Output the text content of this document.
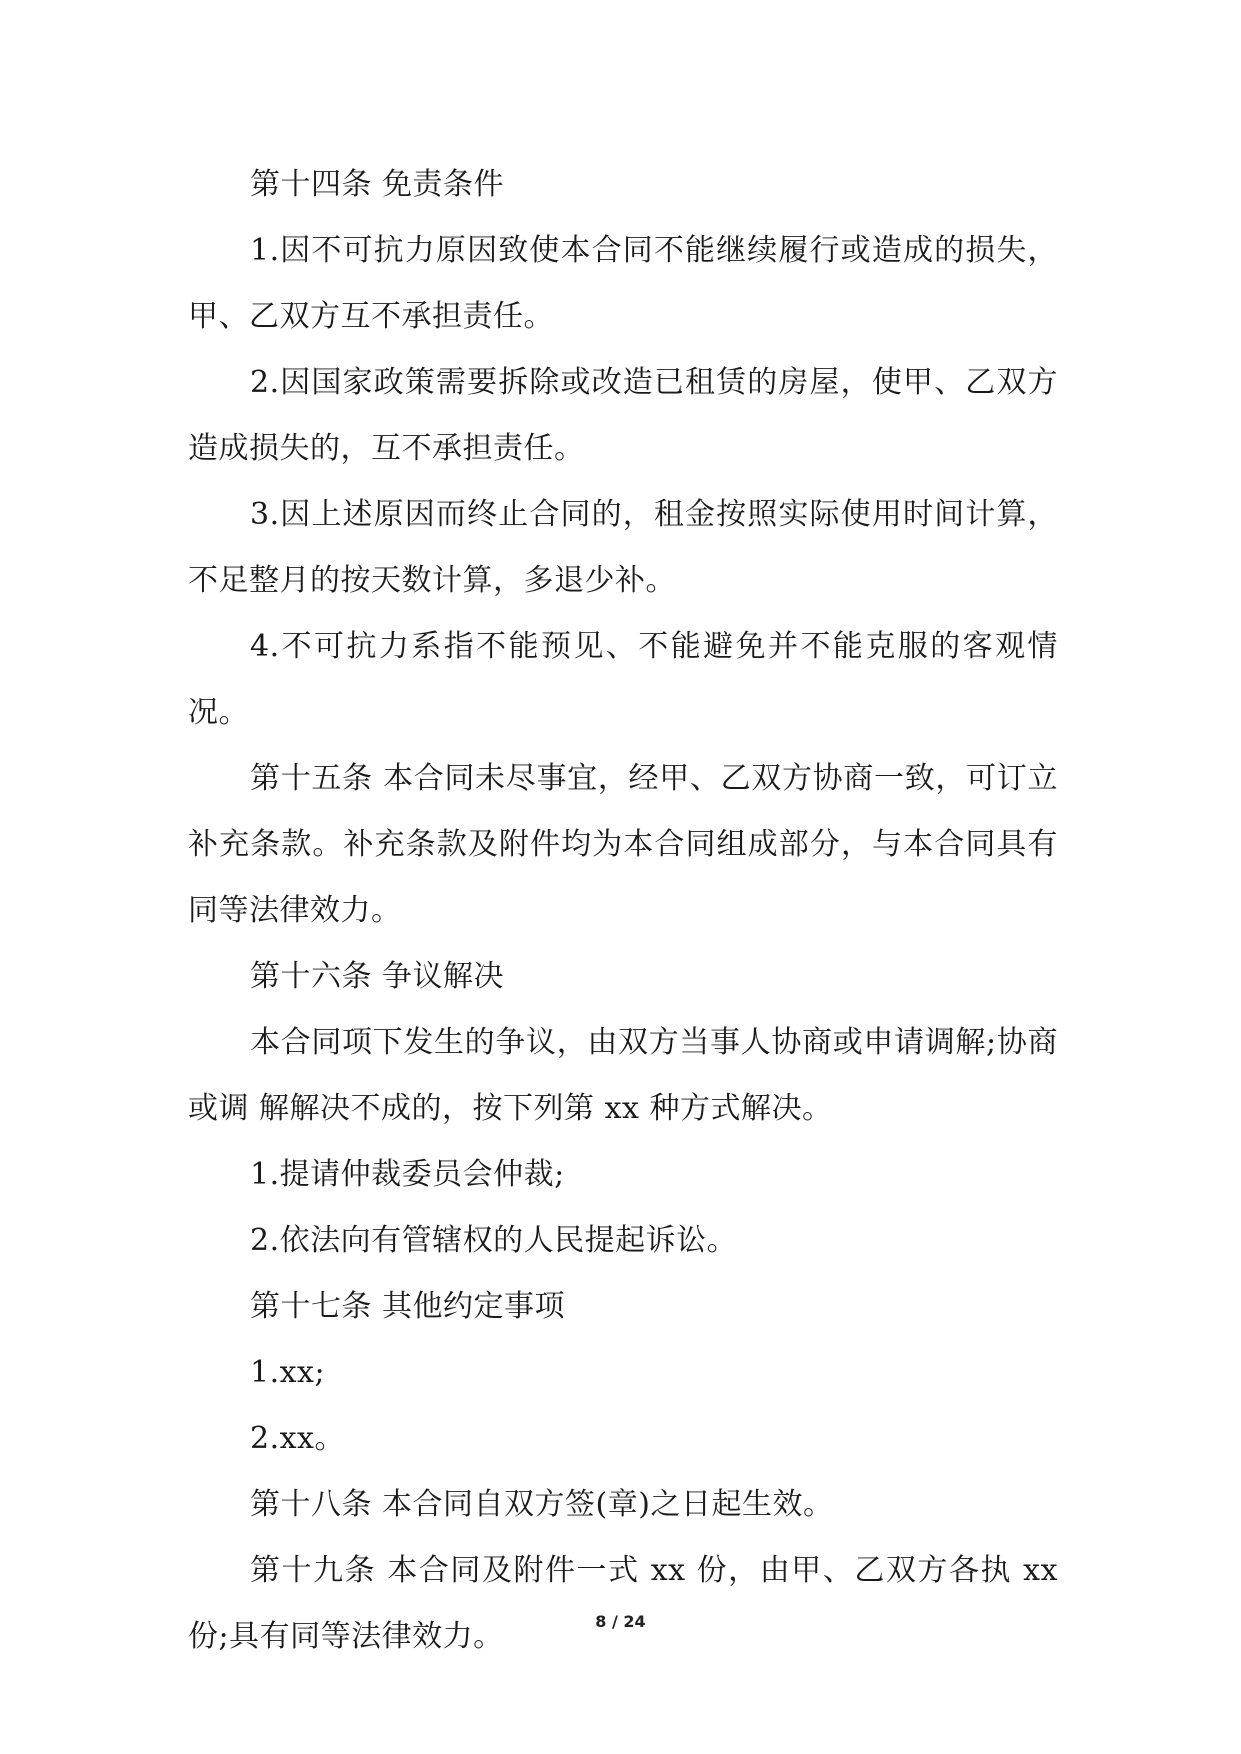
第十四条 免责条件

1.因不可抗力原因致使本合同不能继续履行或造成的损失，甲、乙双方互不承担责任。

2.因国家政策需要拆除或改造已租赁的房屋，使甲、乙双方造成损失的，互不承担责任。

3.因上述原因而终止合同的，租金按照实际使用时间计算，不足整月的按天数计算，多退少补。

4.不可抗力系指不能预见、不能避免并不能克服的客观情况。

第十五条 本合同未尽事宜，经甲、乙双方协商一致，可订立补充条款。补充条款及附件均为本合同组成部分，与本合同具有同等法律效力。

第十六条 争议解决

本合同项下发生的争议，由双方当事人协商或申请调解;协商或调 解解决不成的，按下列第 xx 种方式解决。

1.提请仲裁委员会仲裁;

2.依法向有管辖权的人民提起诉讼。

第十七条 其他约定事项

1.xx;

2.xx。

第十八条 本合同自双方签(章)之日起生效。

第十九条 本合同及附件一式 xx 份，由甲、乙双方各执 xx 份;具有同等法律效力。	8 / 24
